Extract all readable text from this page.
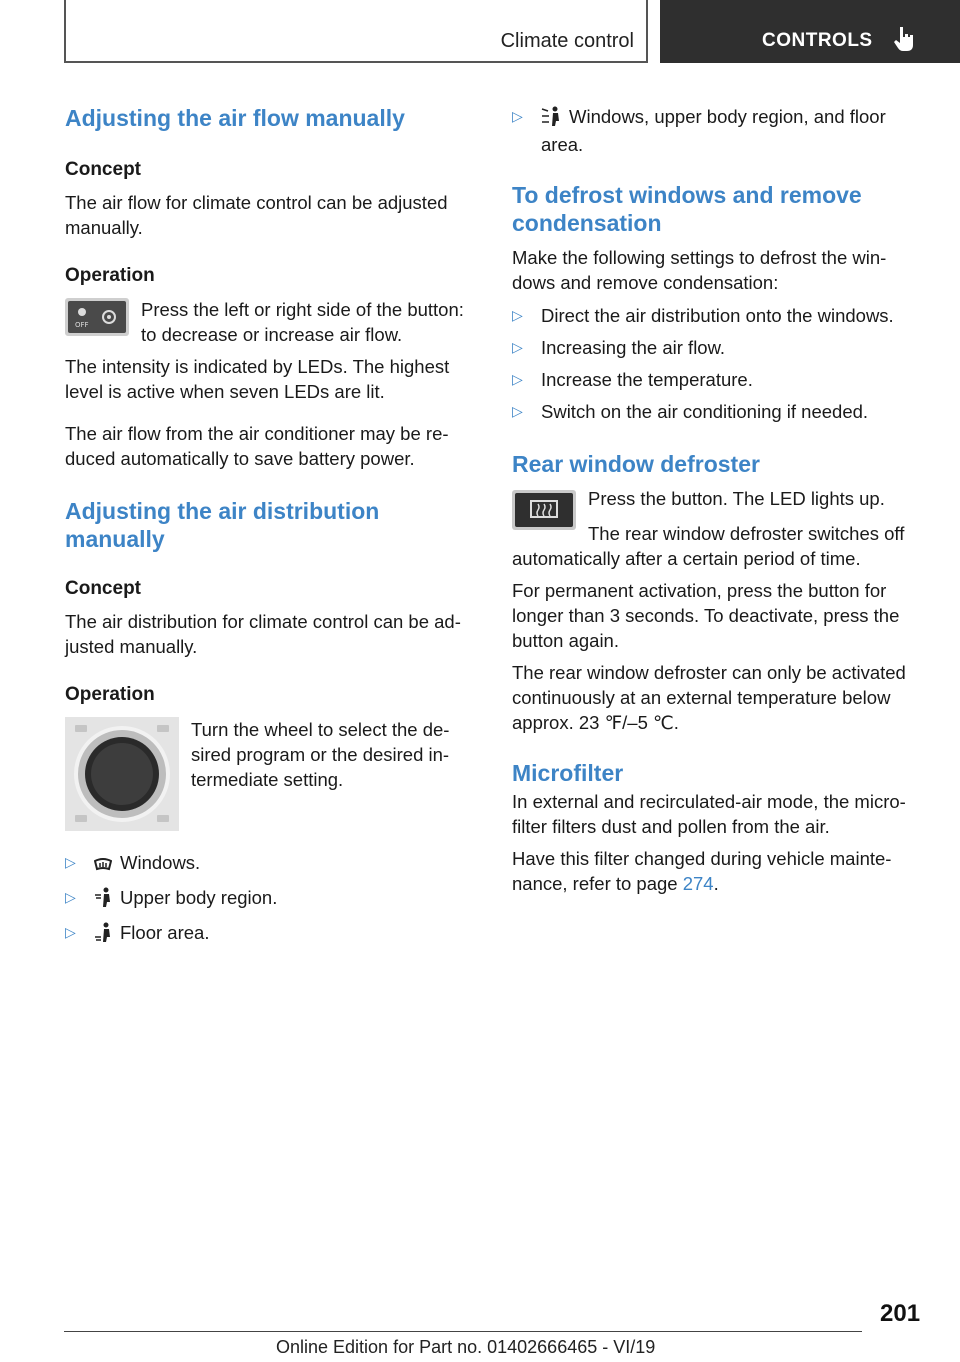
Climate control	CONTROLS
Adjusting the air flow manually
Concept

The air flow for climate control can be adjusted manually.

Operation
OFF

Press the left or right side of the button: to decrease or increase air flow.

The intensity is indicated by LEDs. The highest level is active when seven LEDs are lit.

The air flow from the air conditioner may be re-duced automatically to save battery power.

Adjusting the air distribution manually
Concept

The air distribution for climate control can be ad-justed manually.

Operation

Turn the wheel to select the de-sired program or the desired in-termediate setting.

▷ Windows.
▷ Upper body region.
▷ Floor area.
▷ Windows, upper body region, and floor area.
To defrost windows and remove condensation

Make the following settings to defrost the win-dows and remove condensation:

▷ Direct the air distribution onto the windows.
▷ Increasing the air flow.
▷ Increase the temperature.
▷ Switch on the air conditioning if needed.
Rear window defroster

Press the button. The LED lights up.

The rear window defroster switches off automatically after a certain period of time.

For permanent activation, press the button for longer than 3 seconds. To deactivate, press the button again.

The rear window defroster can only be activated continuously at an external temperature below approx. 23 ℉/‒5 ℃.

Microfilter

In external and recirculated-air mode, the micro-filter filters dust and pollen from the air.

Have this filter changed during vehicle mainte-nance, refer to page 274.

201
Online Edition for Part no. 01402666465 - VI/19
